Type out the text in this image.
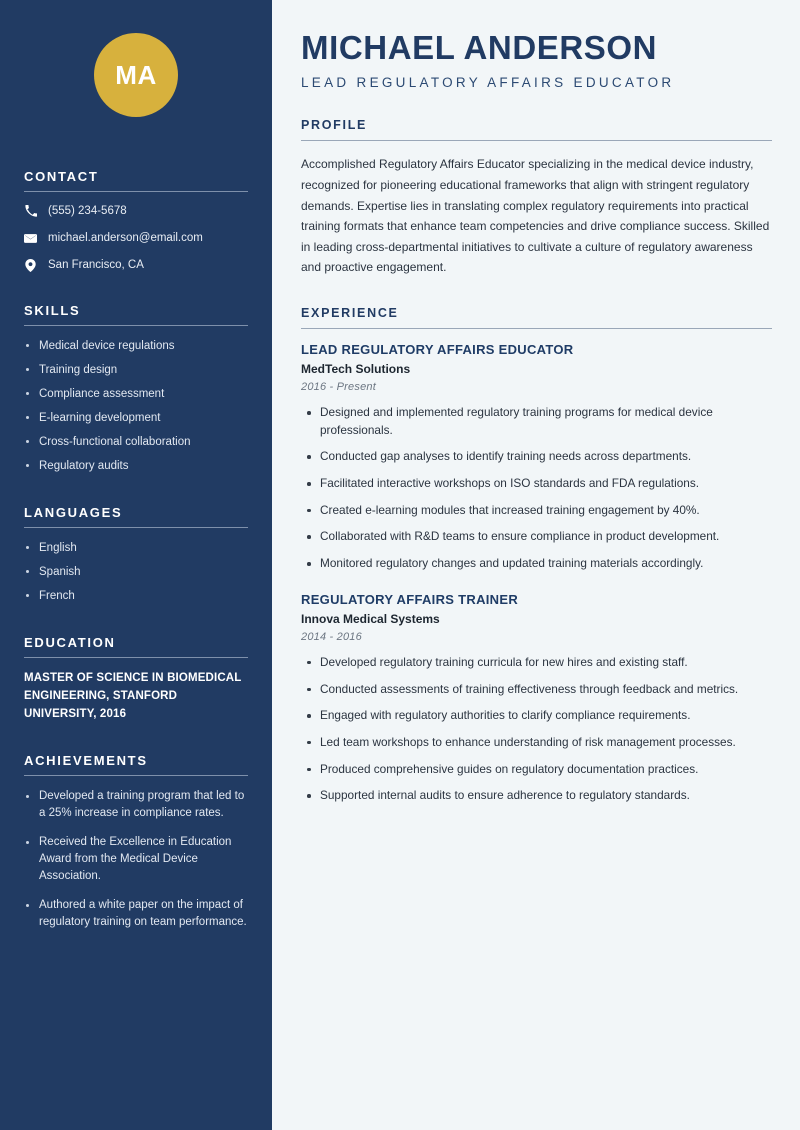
MA
CONTACT
(555) 234-5678
michael.anderson@email.com
San Francisco, CA
SKILLS
Medical device regulations
Training design
Compliance assessment
E-learning development
Cross-functional collaboration
Regulatory audits
LANGUAGES
English
Spanish
French
EDUCATION
MASTER OF SCIENCE IN BIOMEDICAL ENGINEERING, STANFORD UNIVERSITY, 2016
ACHIEVEMENTS
Developed a training program that led to a 25% increase in compliance rates.
Received the Excellence in Education Award from the Medical Device Association.
Authored a white paper on the impact of regulatory training on team performance.
MICHAEL ANDERSON
LEAD REGULATORY AFFAIRS EDUCATOR
PROFILE

Accomplished Regulatory Affairs Educator specializing in the medical device industry, recognized for pioneering educational frameworks that align with stringent regulatory demands. Expertise lies in translating complex regulatory requirements into practical training formats that enhance team competencies and drive compliance success. Skilled in leading cross-departmental initiatives to cultivate a culture of regulatory awareness and proactive engagement.

EXPERIENCE
LEAD REGULATORY AFFAIRS EDUCATOR
MedTech Solutions
2016 - Present
Designed and implemented regulatory training programs for medical device professionals.
Conducted gap analyses to identify training needs across departments.
Facilitated interactive workshops on ISO standards and FDA regulations.
Created e-learning modules that increased training engagement by 40%.
Collaborated with R&D teams to ensure compliance in product development.
Monitored regulatory changes and updated training materials accordingly.
REGULATORY AFFAIRS TRAINER
Innova Medical Systems
2014 - 2016
Developed regulatory training curricula for new hires and existing staff.
Conducted assessments of training effectiveness through feedback and metrics.
Engaged with regulatory authorities to clarify compliance requirements.
Led team workshops to enhance understanding of risk management processes.
Produced comprehensive guides on regulatory documentation practices.
Supported internal audits to ensure adherence to regulatory standards.
